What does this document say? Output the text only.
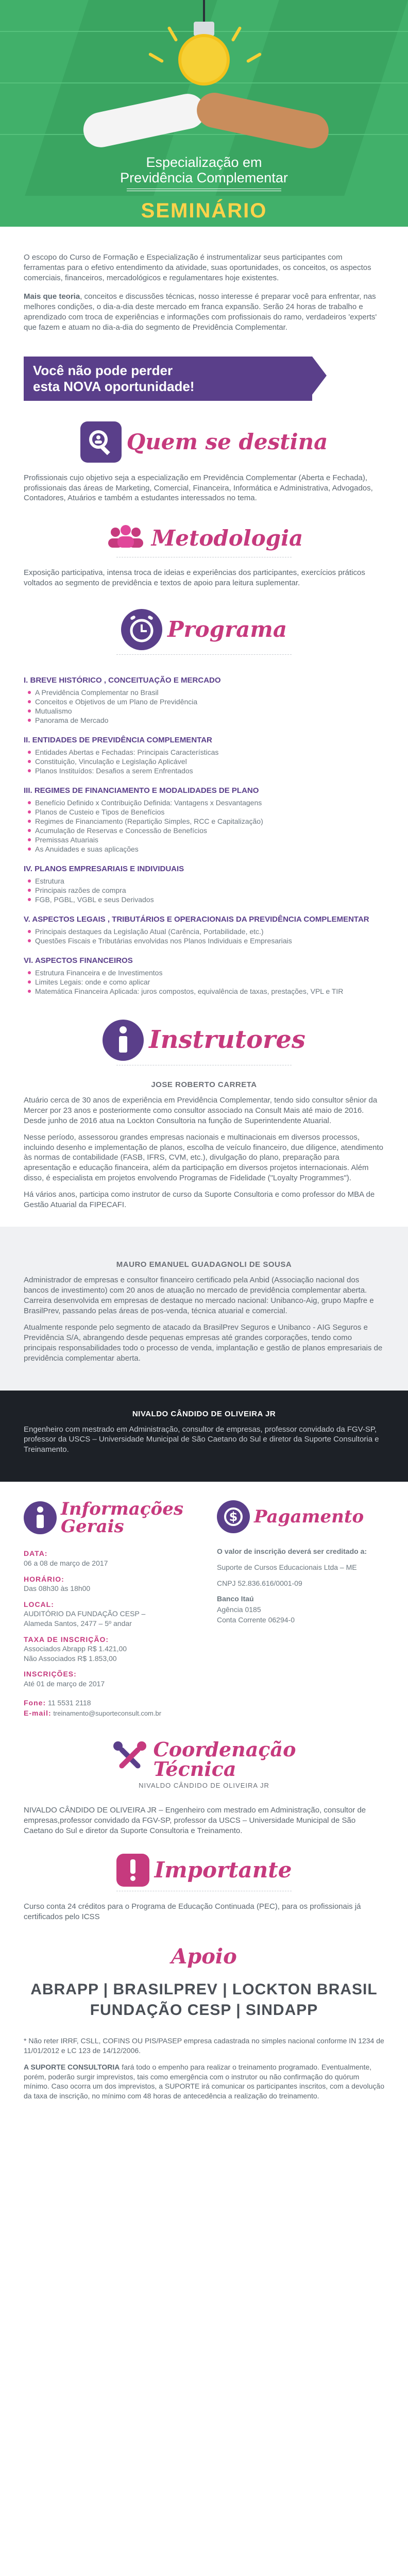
Especialização em
Previdência Complementar
SEMINÁRIO

O escopo do Curso de Formação e Especialização é instrumentalizar seus participantes com ferramentas para o efetivo entendimento da atividade, suas oportunidades, os conceitos, os aspectos comerciais, financeiros, mercadológicos e regulamentares hoje existentes.

Mais que teoria, conceitos e discussões técnicas, nosso interesse é preparar você para enfrentar, nas melhores condições, o dia-a-dia deste mercado em franca expansão. Serão 24 horas de trabalho e aprendizado com troca de experiências e informações com profissionais do ramo, verdadeiros 'experts' que fazem e atuam no dia-a-dia do segmento de Previdência Complementar.

Você não pode perder
esta NOVA oportunidade!
Quem se destina

Profissionais cujo objetivo seja a especialização em Previdência Complementar (Aberta e Fechada), profissionais das áreas de Marketing, Comercial, Financeira, Informática e Administrativa, Advogados, Contadores, Atuários e também a estudantes interessados no tema.

Metodologia

Exposição participativa, intensa troca de ideias e experiências dos participantes, exercícios práticos voltados ao segmento de previdência e textos de apoio para leitura suplementar.

Programa
I. BREVE HISTÓRICO , CONCEITUAÇÃO E MERCADO
A Previdência Complementar no Brasil
Conceitos e Objetivos de um Plano de Previdência
Mutualismo
Panorama de Mercado
II. ENTIDADES DE PREVIDÊNCIA COMPLEMENTAR
Entidades Abertas e Fechadas: Principais Características
Constituição, Vinculação e Legislação Aplicável
Planos Instituídos: Desafios a serem Enfrentados
III. REGIMES DE FINANCIAMENTO E MODALIDADES DE PLANO
Benefício Definido x Contribuição Definida: Vantagens x Desvantagens
Planos de Custeio e Tipos de Benefícios
Regimes de Financiamento (Repartição Simples, RCC e Capitalização)
Acumulação de Reservas e Concessão de Benefícios
Premissas Atuariais
As Anuidades e suas aplicações
IV. PLANOS EMPRESARIAIS E INDIVIDUAIS
Estrutura
Principais razões de compra
FGB, PGBL, VGBL e seus Derivados
V. ASPECTOS LEGAIS , TRIBUTÁRIOS E OPERACIONAIS DA PREVIDÊNCIA COMPLEMENTAR
Principais destaques da Legislação Atual (Carência, Portabilidade, etc.)
Questões Fiscais e Tributárias envolvidas nos Planos Individuais e Empresariais
VI. ASPECTOS FINANCEIROS
Estrutura Financeira e de Investimentos
Limites Legais: onde e como aplicar
Matemática Financeira Aplicada: juros compostos, equivalência de taxas, prestações, VPL e TIR
Instrutores
JOSE ROBERTO CARRETA

Atuário cerca de 30 anos de experiência em Previdência Complementar, tendo sido consultor sênior da Mercer por 23 anos e posteriormente como consultor associado na Consult Mais até maio de 2016. Desde junho de 2016 atua na Lockton Consultoria na função de Superintendente Atuarial.

Nesse período, assessorou grandes empresas nacionais e multinacionais em diversos processos, incluindo desenho e implementação de planos, escolha de veículo financeiro, due diligence, atendimento às normas de contabilidade (FASB, IFRS, CVM, etc.), divulgação do plano, preparação para apresentação e educação financeira, além da participação em diversos projetos internacionais. Além disso, é especialista em projetos envolvendo Programas de Fidelidade ("Loyalty Programmes").

Há vários anos, participa como instrutor de curso da Suporte Consultoria e como professor do MBA de Gestão Atuarial da FIPECAFI.

MAURO EMANUEL GUADAGNOLI DE SOUSA

Administrador de empresas e consultor financeiro certificado pela Anbid (Associação nacional dos bancos de investimento) com 20 anos de atuação no mercado de previdência complementar aberta. Carreira desenvolvida em empresas de destaque no mercado nacional: Unibanco-Aig, grupo Mapfre e BrasilPrev, passando pelas áreas de pos-venda, técnica atuarial e comercial.

Atualmente responde pelo segmento de atacado da BrasilPrev Seguros e Unibanco - AIG Seguros e Previdência S/A, abrangendo desde pequenas empresas até grandes corporações, tendo como principais responsabilidades todo o processo de venda, implantação e gestão de planos empresariais de previdência complementar aberta.

NIVALDO CÂNDIDO DE OLIVEIRA JR

Engenheiro com mestrado em Administração, consultor de empresas, professor convidado da FGV-SP, professor da USCS – Universidade Municipal de São Caetano do Sul e diretor da Suporte Consultoria e Treinamento.

Informações
Gerais
DATA:
06 a 08 de março de 2017
HORÁRIO:
Das 08h30 às 18h00
LOCAL:
AUDITÓRIO DA FUNDAÇÃO CESP –
Alameda Santos, 2477 – 5º andar
TAXA DE INSCRIÇÃO:
Associados Abrapp R$ 1.421,00
Não Associados R$ 1.853,00
INSCRIÇÕES:
Até 01 de março de 2017
Fone: 11 5531 2118
E-mail: treinamento@suporteconsult.com.br
$ Pagamento
O valor de inscrição deverá ser creditado a:
Suporte de Cursos Educacionais Ltda – ME
CNPJ 52.836.616/0001-09
Banco Itaú
Agência 0185
Conta Corrente 06294-0
Coordenação
Técnica
NIVALDO CÂNDIDO DE OLIVEIRA JR

NIVALDO CÂNDIDO DE OLIVEIRA JR – Engenheiro com mestrado em Administração, consultor de empresas,professor convidado da FGV-SP, professor da USCS – Universidade Municipal de São Caetano do Sul e diretor da Suporte Consultoria e Treinamento.

Importante

Curso conta 24 créditos para o Programa de Educação Continuada (PEC), para os profissionais já certificados pelo ICSS

Apoio
ABRAPP | BRASILPREV | LOCKTON BRASIL
FUNDAÇÃO CESP | SINDAPP

* Não reter IRRF, CSLL, COFINS OU PIS/PASEP empresa cadastrada no simples nacional conforme IN 1234 de 11/01/2012 e LC 123 de 14/12/2006.

A SUPORTE CONSULTORIA fará todo o empenho para realizar o treinamento programado. Eventualmente, porém, poderão surgir imprevistos, tais como emergência com o instrutor ou não confirmação do quórum mínimo. Caso ocorra um dos imprevistos, a SUPORTE irá comunicar os participantes inscritos, com a devolução da taxa de inscrição, no mínimo com 48 horas de antecedência a realização do treinamento.
